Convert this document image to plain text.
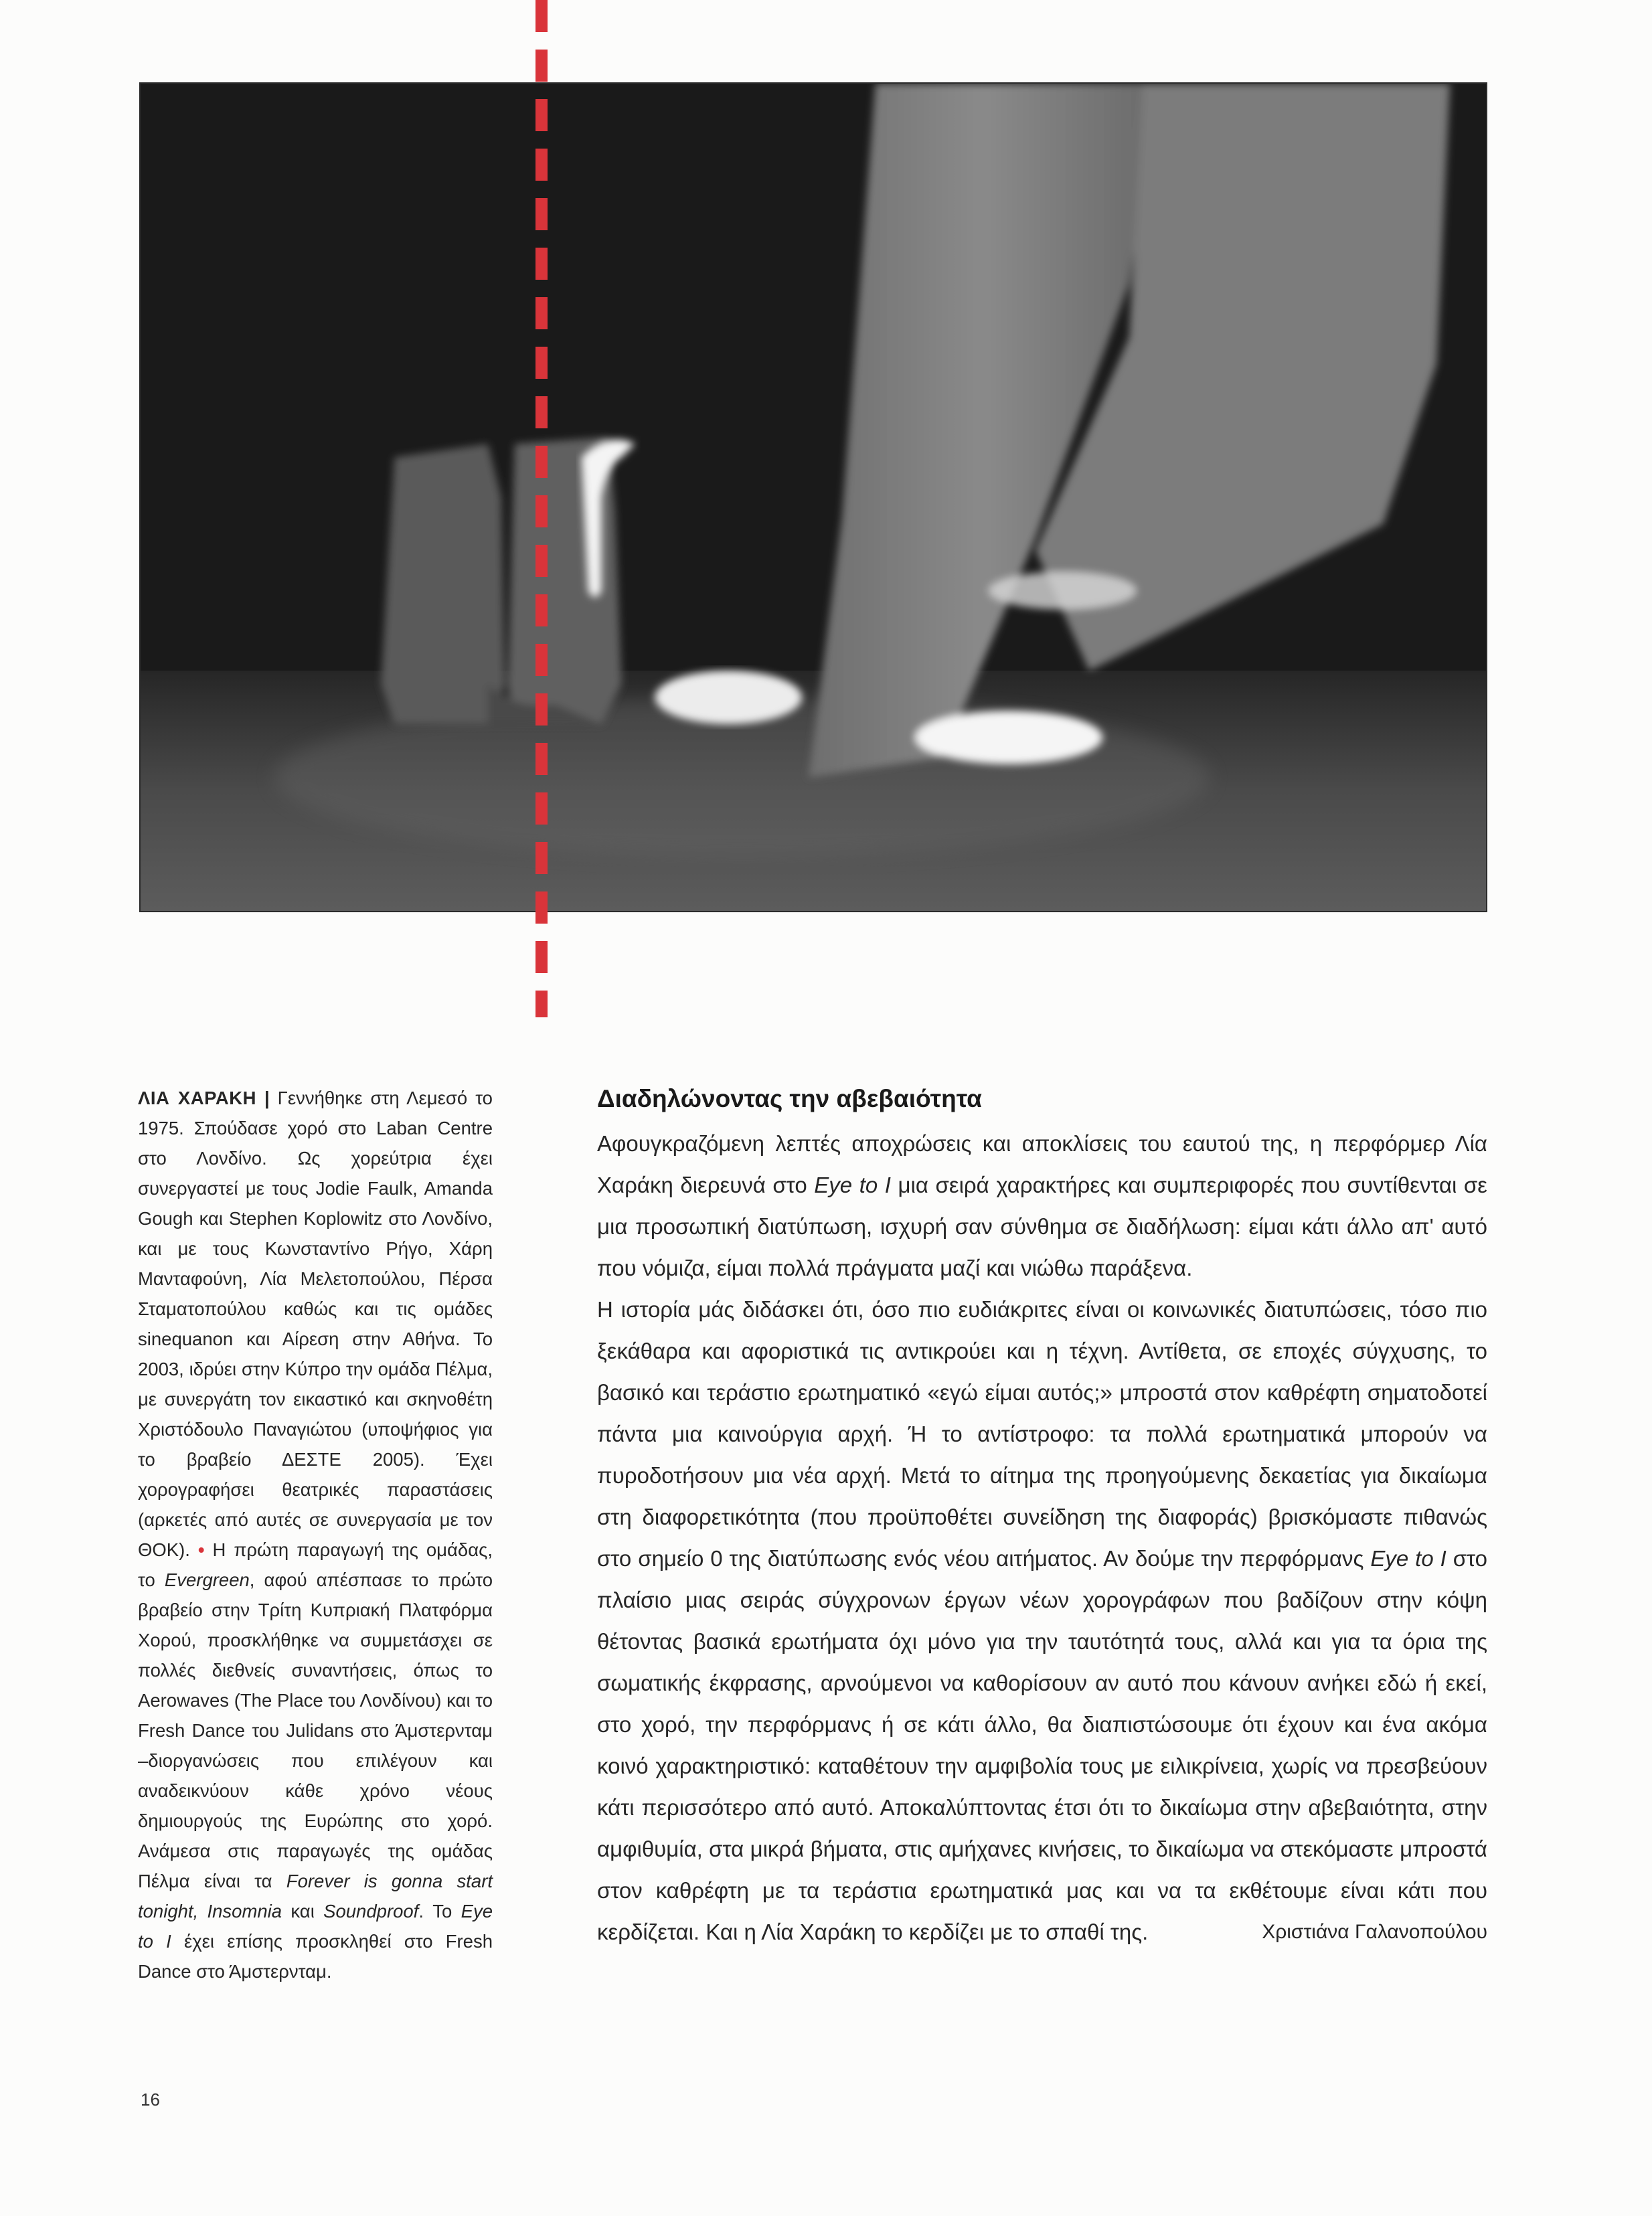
ΛΙΑ ΧΑΡΑΚΗ | Γεννήθηκε στη Λεμεσό το 1975. Σπούδασε χορό στο Laban Centre στο Λονδίνο. Ως χορεύτρια έχει συνεργαστεί με τους Jodie Faulk, Amanda Gough και Stephen Koplowitz στο Λονδίνο, και με τους Κωνσταντίνο Ρήγο, Χάρη Μανταφούνη, Λία Μελετοπούλου, Πέρσα Σταματοπούλου καθώς και τις ομάδες sinequanon και Αίρεση στην Αθήνα. Το 2003, ιδρύει στην Κύπρο την ομάδα Πέλμα, με συνεργάτη τον εικαστικό και σκηνοθέτη Χριστόδουλο Παναγιώτου (υποψήφιος για το βραβείο ΔΕΣΤΕ 2005). Έχει χορογραφήσει θεατρικές παραστάσεις (αρκετές από αυτές σε συνεργασία με τον ΘΟΚ). • Η πρώτη παραγωγή της ομάδας, το Evergreen, αφού απέσπασε το πρώτο βραβείο στην Τρίτη Κυπριακή Πλατφόρμα Χορού, προσκλήθηκε να συμμετάσχει σε πολλές διεθνείς συναντήσεις, όπως το Aerowaves (The Place του Λονδίνου) και το Fresh Dance του Julidans στο Άμστερνταμ –διοργανώσεις που επιλέγουν και αναδεικνύουν κάθε χρόνο νέους δημιουργούς της Ευρώπης στο χορό. Ανάμεσα στις παραγωγές της ομάδας Πέλμα είναι τα Forever is gonna start tonight, Insomnia και Soundproof. Το Eye to I έχει επίσης προσκληθεί στο Fresh Dance στο Άμστερνταμ.
Διαδηλώνοντας την αβεβαιότητα

Αφουγκραζόμενη λεπτές αποχρώσεις και αποκλίσεις του εαυτού της, η περφόρμερ Λία Χαράκη διερευνά στο Eye to I μια σειρά χαρακτήρες και συμπεριφορές που συντίθενται σε μια προσωπική διατύπωση, ισχυρή σαν σύνθημα σε διαδήλωση: είμαι κάτι άλλο απ' αυτό που νόμιζα, είμαι πολλά πράγματα μαζί και νιώθω παράξενα.

Η ιστορία μάς διδάσκει ότι, όσο πιο ευδιάκριτες είναι οι κοινωνικές διατυπώσεις, τόσο πιο ξεκάθαρα και αφοριστικά τις αντικρούει και η τέχνη. Αντίθετα, σε εποχές σύγχυσης, το βασικό και τεράστιο ερωτηματικό «εγώ είμαι αυτός;» μπροστά στον καθρέφτη σηματοδοτεί πάντα μια καινούργια αρχή. Ή το αντίστροφο: τα πολλά ερωτηματικά μπορούν να πυροδοτήσουν μια νέα αρχή. Μετά το αίτημα της προηγούμενης δεκαετίας για δικαίωμα στη διαφορετικότητα (που προϋποθέτει συνείδηση της διαφοράς) βρισκόμαστε πιθανώς στο σημείο 0 της διατύπωσης ενός νέου αιτήματος. Αν δούμε την περφόρμανς Eye to I στο πλαίσιο μιας σειράς σύγχρονων έργων νέων χορογράφων που βαδίζουν στην κόψη θέτοντας βασικά ερωτήματα όχι μόνο για την ταυτότητά τους, αλλά και για τα όρια της σωματικής έκφρασης, αρνούμενοι να καθορίσουν αν αυτό που κάνουν ανήκει εδώ ή εκεί, στο χορό, την περφόρμανς ή σε κάτι άλλο, θα διαπιστώσουμε ότι έχουν και ένα ακόμα κοινό χαρακτηριστικό: καταθέτουν την αμφιβολία τους με ειλικρίνεια, χωρίς να πρεσβεύουν κάτι περισσότερο από αυτό. Αποκαλύπτοντας έτσι ότι το δικαίωμα στην αβεβαιότητα, στην αμφιθυμία, στα μικρά βήματα, στις αμήχανες κινήσεις, το δικαίωμα να στεκόμαστε μπροστά στον καθρέφτη με τα τεράστια ερωτηματικά μας και να τα εκθέτουμε είναι κάτι που κερδίζεται. Και η Λία Χαράκη το κερδίζει με το σπαθί της.	Χριστιάνα Γαλανοπούλου
16
